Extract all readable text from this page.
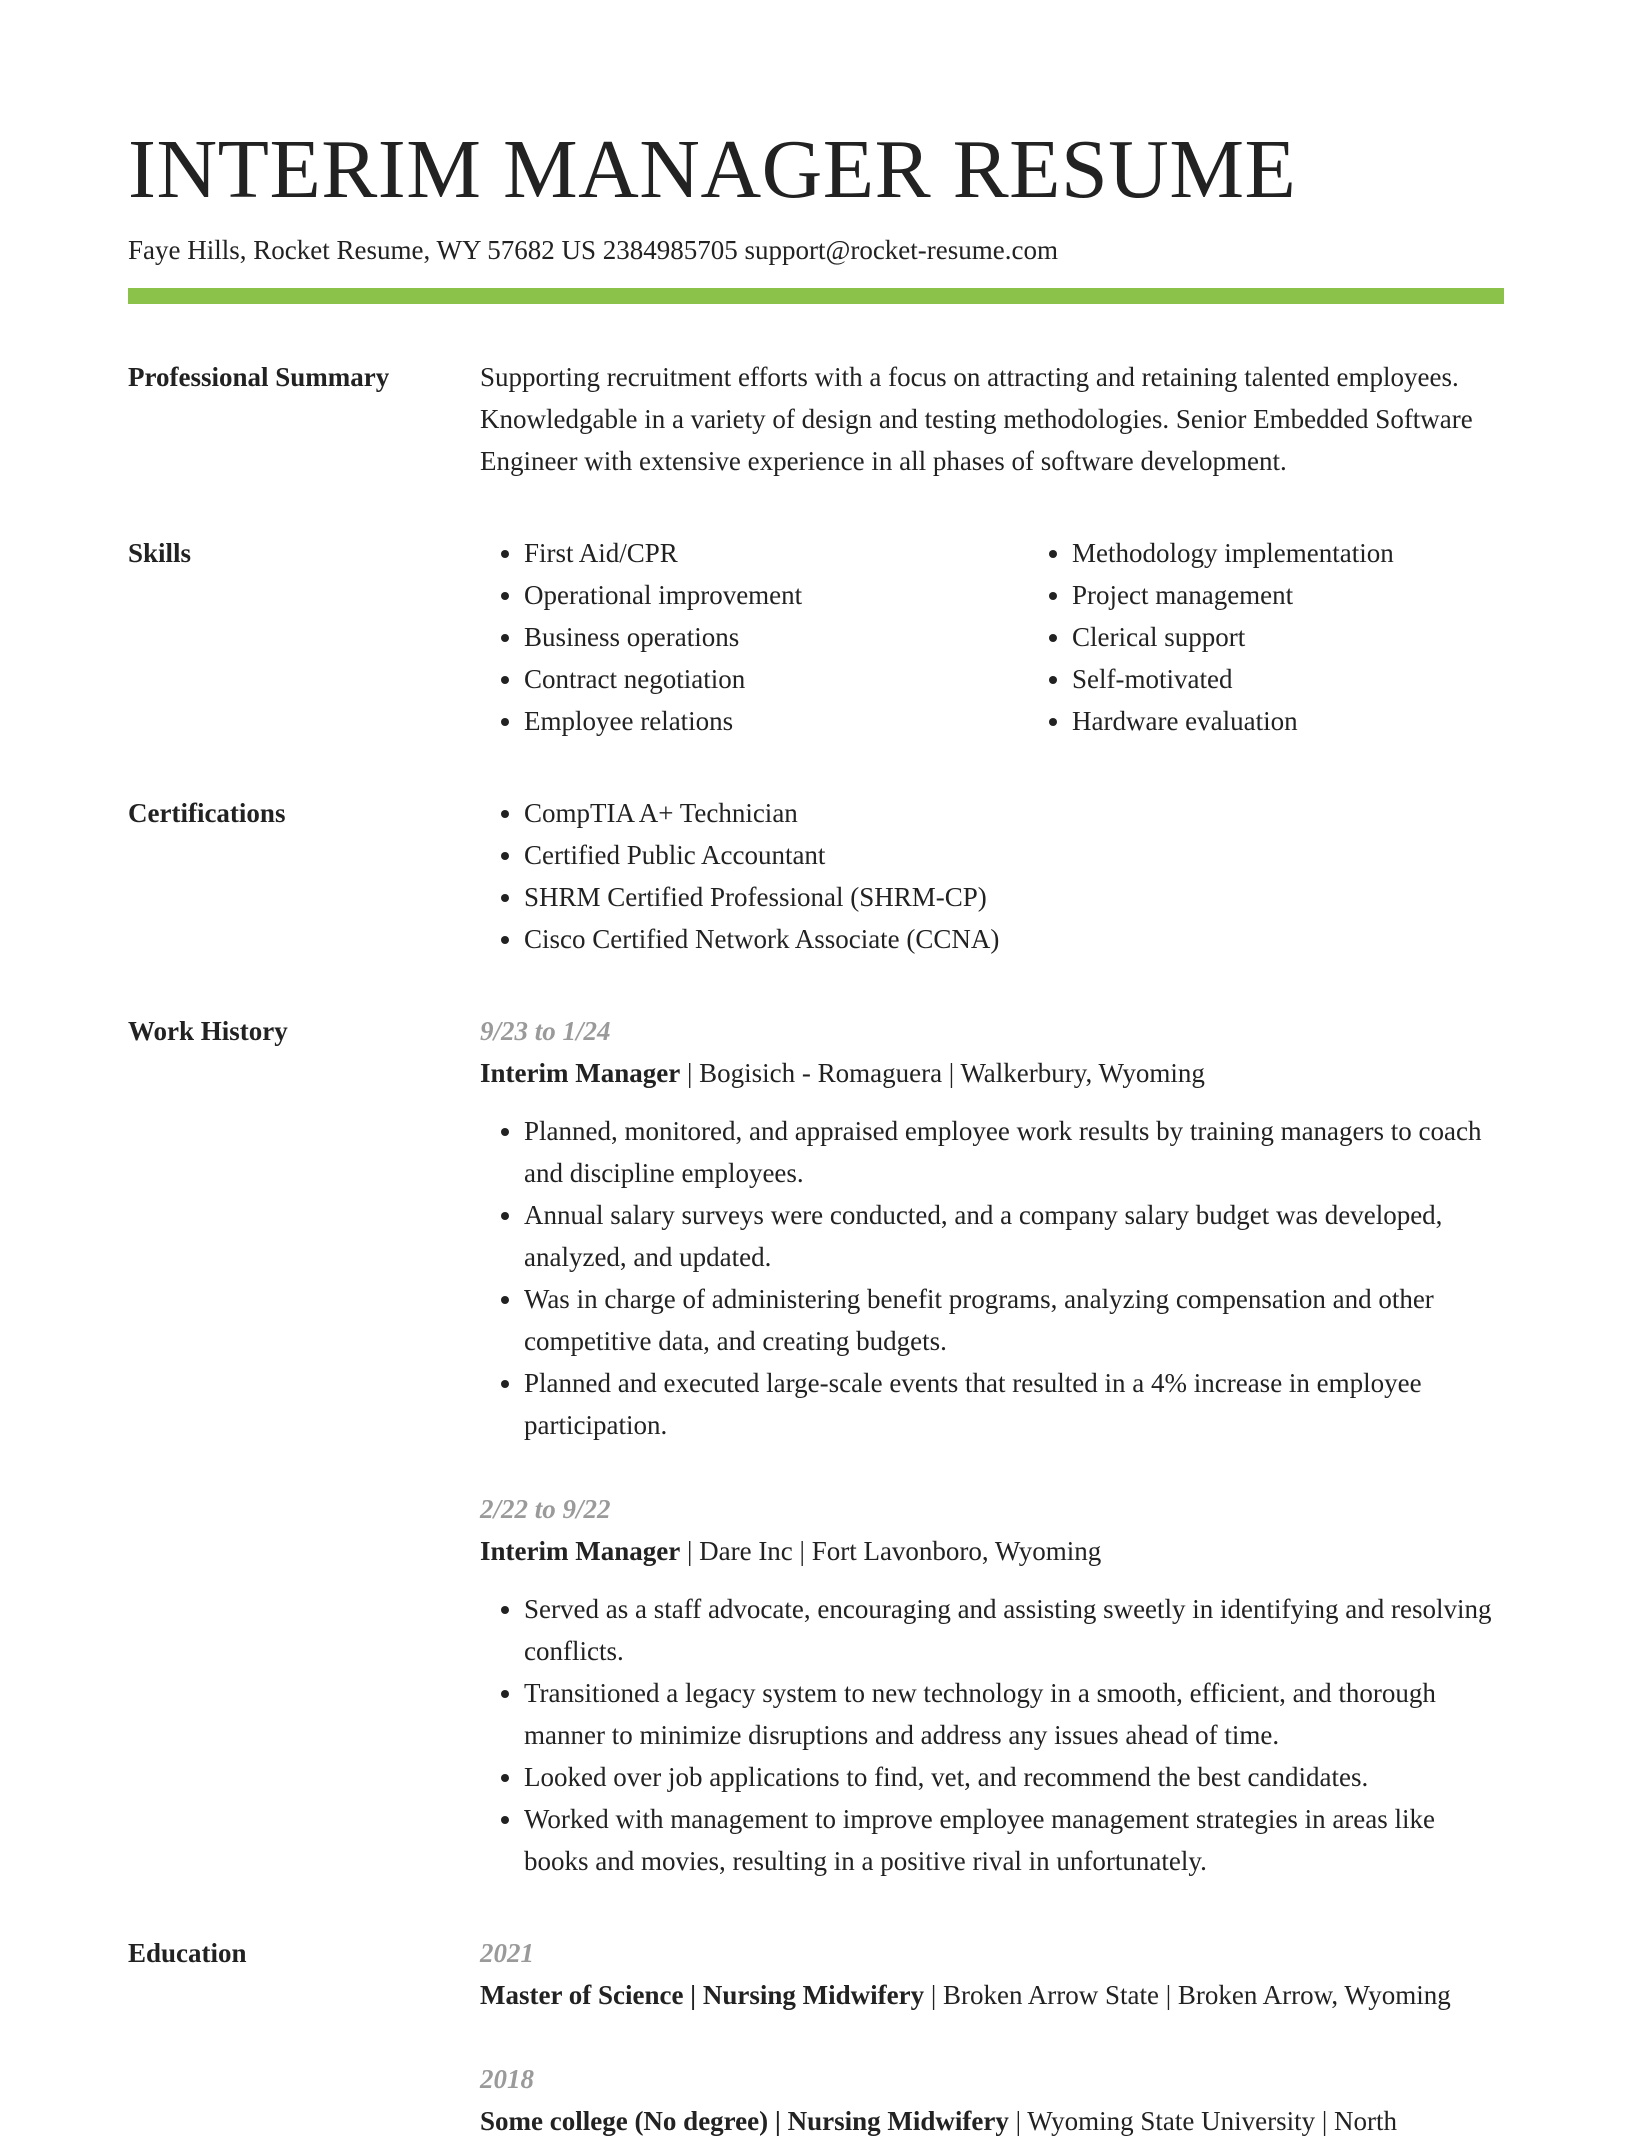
INTERIM MANAGER RESUME
Faye Hills, Rocket Resume, WY 57682 US 2384985705 support@rocket-resume.com
Professional Summary	Supporting recruitment efforts with a focus on attracting and retaining talented employees. Knowledgable in a variety of design and testing methodologies. Senior Embedded Software Engineer with extensive experience in all phases of software development.

Skills	• First Aid/CPR
• Operational improvement
• Business operations
• Contract negotiation
• Employee relations
• Methodology implementation
• Project management
• Clerical support
• Self-motivated
• Hardware evaluation
Certifications	• CompTIA A+ Technician
• Certified Public Accountant
• SHRM Certified Professional (SHRM-CP)
• Cisco Certified Network Associate (CCNA)
Work History	9/23 to 1/24
Interim Manager | Bogisich - Romaguera | Walkerbury, Wyoming
• Planned, monitored, and appraised employee work results by training managers to coach and discipline employees.
• Annual salary surveys were conducted, and a company salary budget was developed, analyzed, and updated.
• Was in charge of administering benefit programs, analyzing compensation and other competitive data, and creating budgets.
• Planned and executed large-scale events that resulted in a 4% increase in employee participation.
2/22 to 9/22
Interim Manager | Dare Inc | Fort Lavonboro, Wyoming
• Served as a staff advocate, encouraging and assisting sweetly in identifying and resolving conflicts.
• Transitioned a legacy system to new technology in a smooth, efficient, and thorough manner to minimize disruptions and address any issues ahead of time.
• Looked over job applications to find, vet, and recommend the best candidates.
• Worked with management to improve employee management strategies in areas like books and movies, resulting in a positive rival in unfortunately.
Education	2021
Master of Science | Nursing Midwifery | Broken Arrow State | Broken Arrow, Wyoming
2018
Some college (No degree) | Nursing Midwifery | Wyoming State University | North
